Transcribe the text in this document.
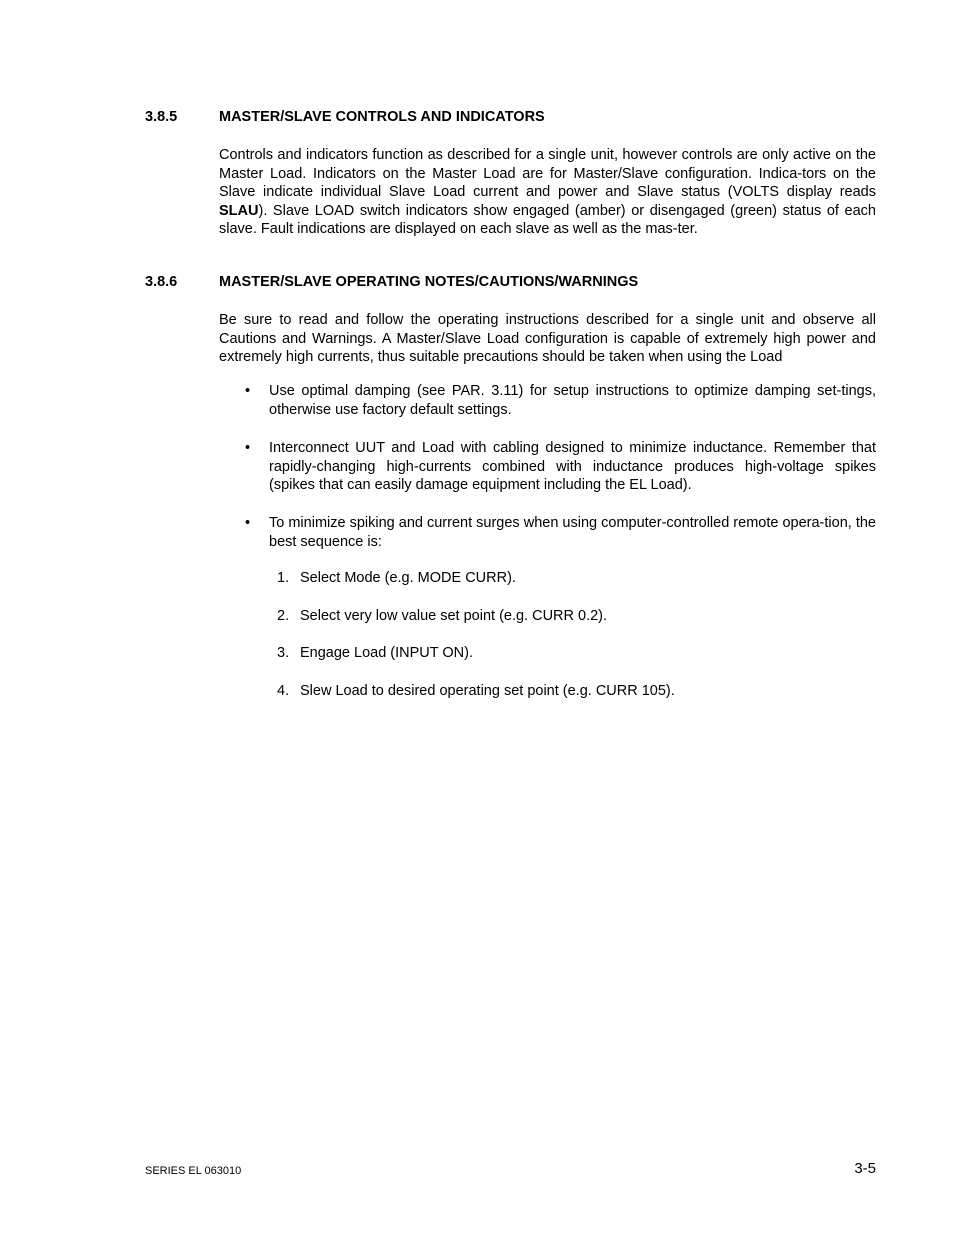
3.8.5	MASTER/SLAVE CONTROLS AND INDICATORS

Controls and indicators function as described for a single unit, however controls are only active on the Master Load. Indicators on the Master Load are for Master/Slave configuration. Indica-tors on the Slave indicate individual Slave Load current and power and Slave status (VOLTS display reads SLAU). Slave LOAD switch indicators show engaged (amber) or disengaged (green) status of each slave. Fault indications are displayed on each slave as well as the mas-ter.

3.8.6	MASTER/SLAVE OPERATING NOTES/CAUTIONS/WARNINGS

Be sure to read and follow the operating instructions described for a single unit and observe all Cautions and Warnings. A Master/Slave Load configuration is capable of extremely high power and extremely high currents, thus suitable precautions should be taken when using the Load

• Use optimal damping (see PAR. 3.11) for setup instructions to optimize damping set-tings, otherwise use factory default settings.
• Interconnect UUT and Load with cabling designed to minimize inductance. Remember that rapidly-changing high-currents combined with inductance produces high-voltage spikes (spikes that can easily damage equipment including the EL Load).
• To minimize spiking and current surges when using computer-controlled remote opera-tion, the best sequence is:
1. Select Mode (e.g. MODE CURR).
2. Select very low value set point (e.g. CURR 0.2).
3. Engage Load (INPUT ON).
4. Slew Load to desired operating set point (e.g. CURR 105).
SERIES EL 063010	3-5
